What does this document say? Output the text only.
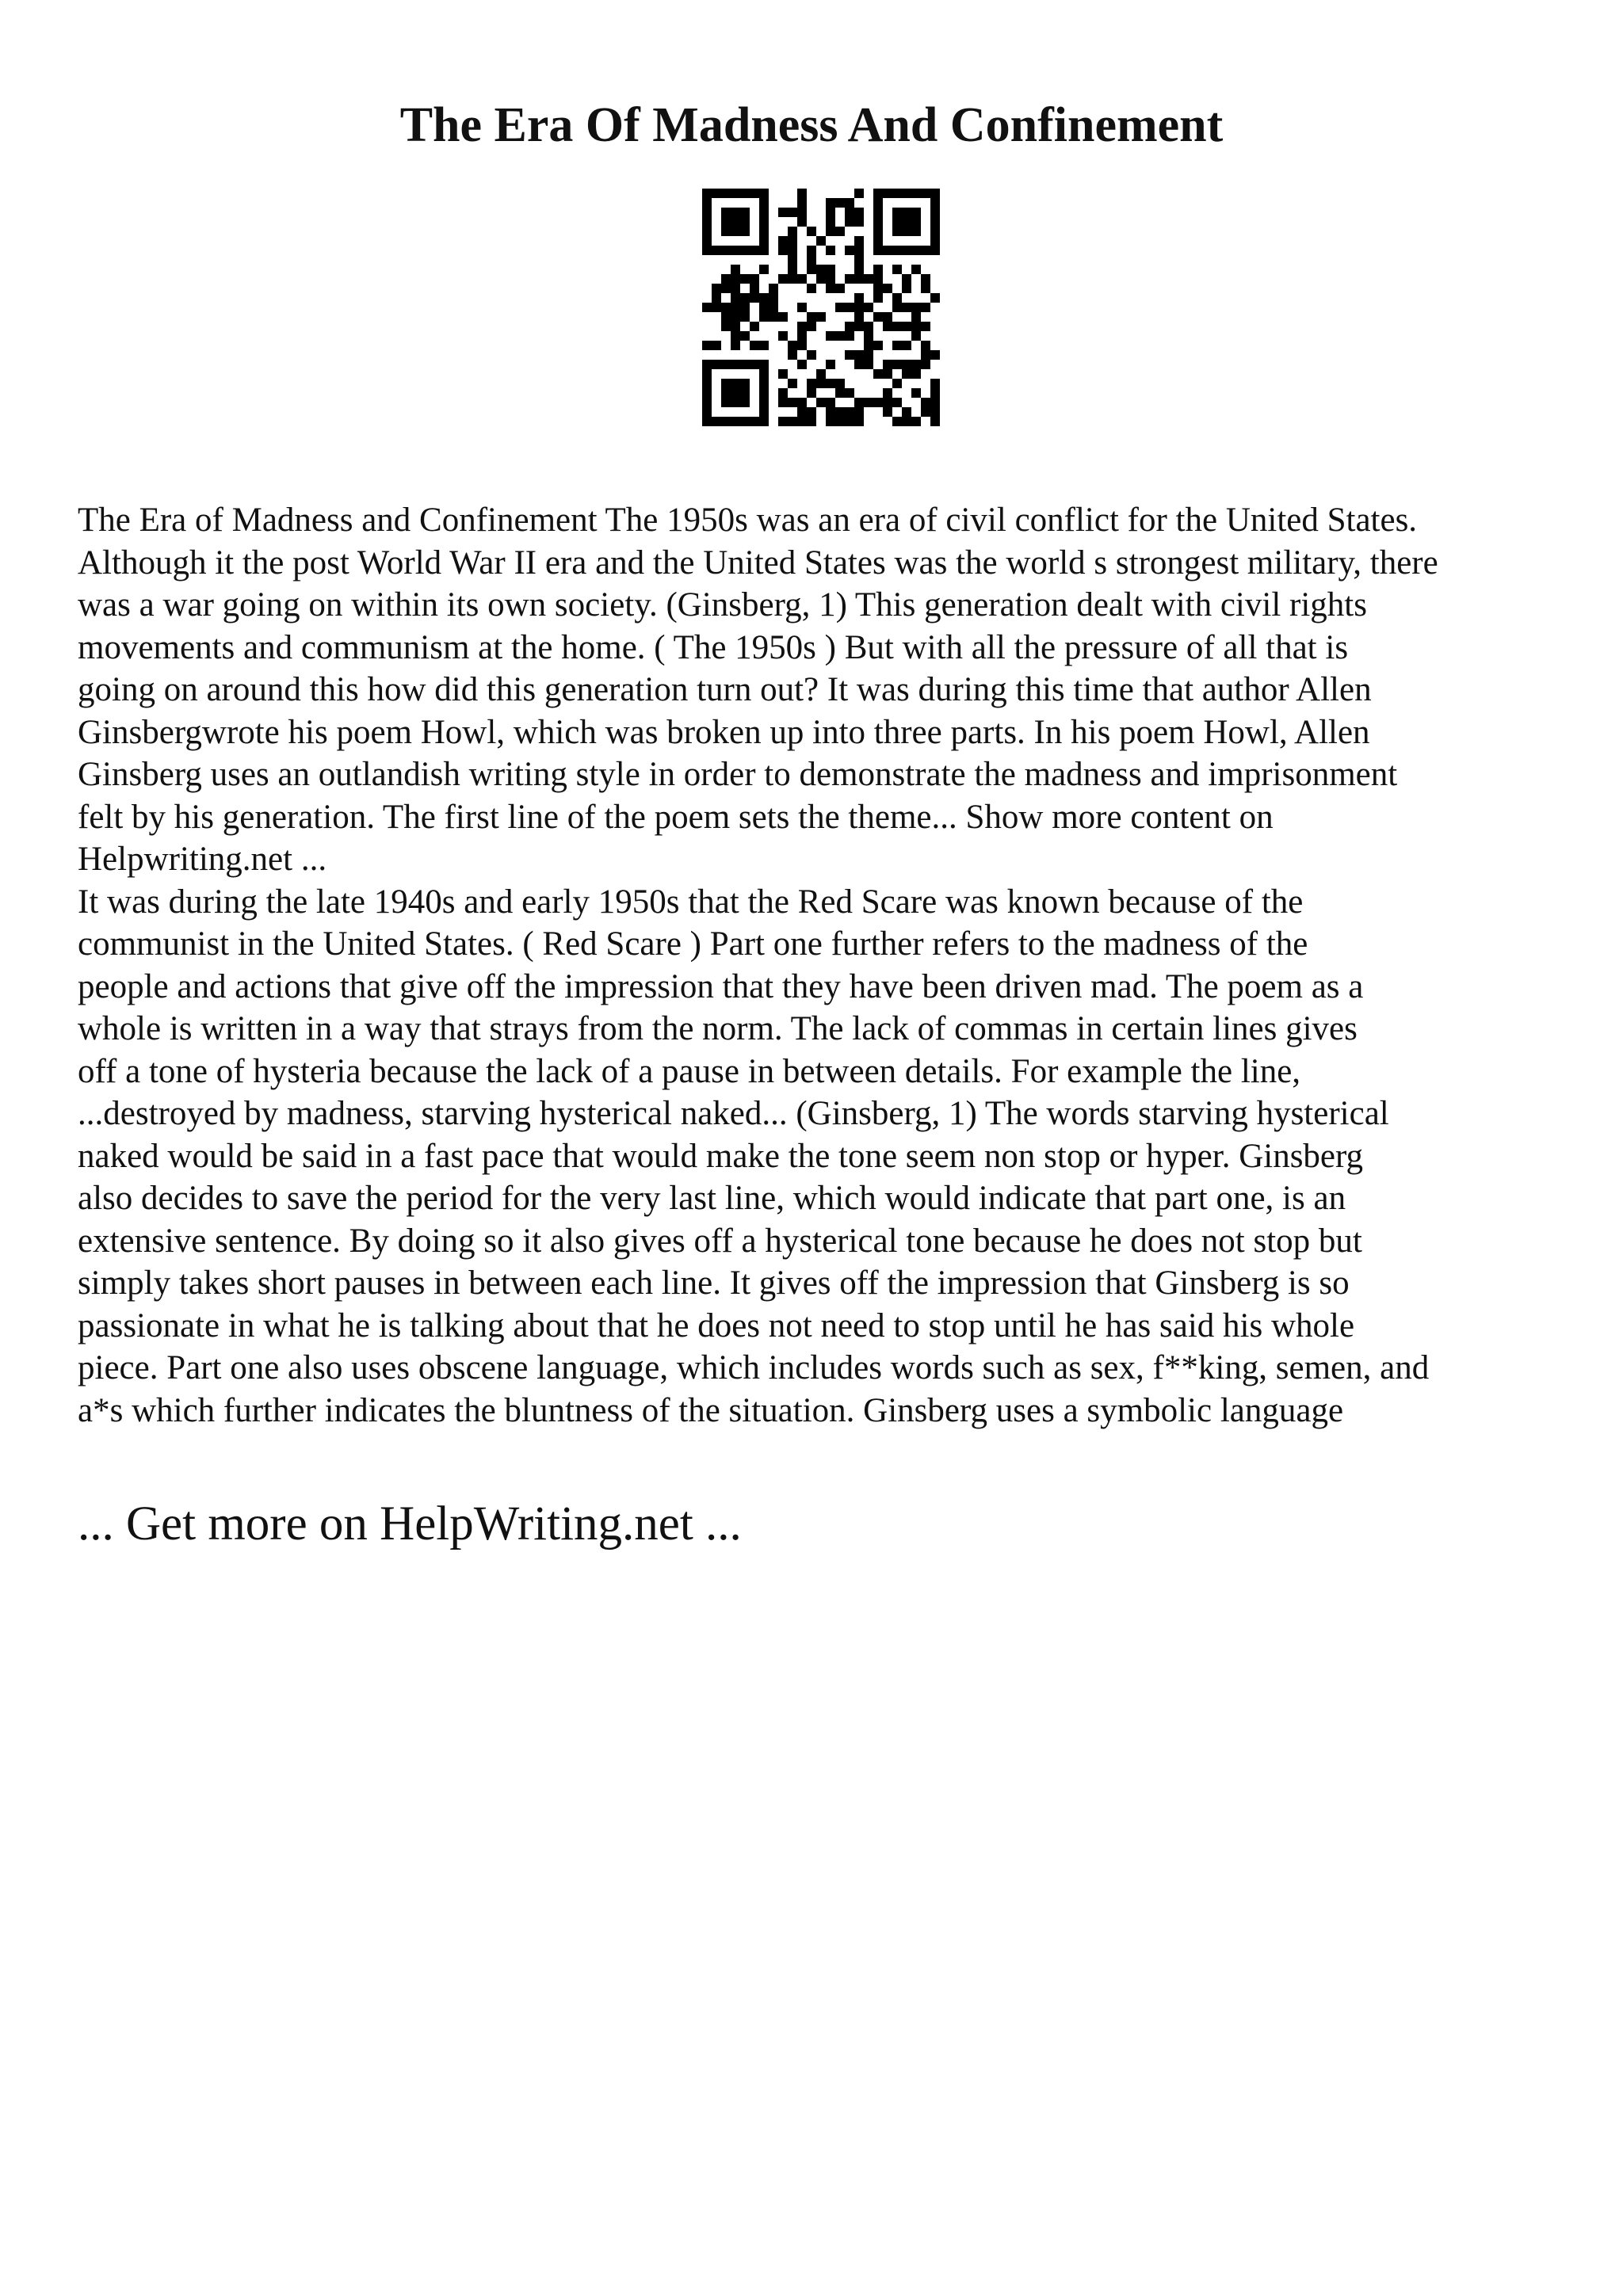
The Era Of Madness And Confinement
The Era of Madness and Confinement The 1950s was an era of civil conflict for the United States.
Although it the post World War II era and the United States was the world s strongest military, there
was a war going on within its own society. (Ginsberg, 1) This generation dealt with civil rights
movements and communism at the home. ( The 1950s ) But with all the pressure of all that is
going on around this how did this generation turn out? It was during this time that author Allen
Ginsbergwrote his poem Howl, which was broken up into three parts. In his poem Howl, Allen
Ginsberg uses an outlandish writing style in order to demonstrate the madness and imprisonment
felt by his generation. The first line of the poem sets the theme... Show more content on
Helpwriting.net ...
It was during the late 1940s and early 1950s that the Red Scare was known because of the
communist in the United States. ( Red Scare ) Part one further refers to the madness of the
people and actions that give off the impression that they have been driven mad. The poem as a
whole is written in a way that strays from the norm. The lack of commas in certain lines gives
off a tone of hysteria because the lack of a pause in between details. For example the line,
...destroyed by madness, starving hysterical naked... (Ginsberg, 1) The words starving hysterical
naked would be said in a fast pace that would make the tone seem non stop or hyper. Ginsberg
also decides to save the period for the very last line, which would indicate that part one, is an
extensive sentence. By doing so it also gives off a hysterical tone because he does not stop but
simply takes short pauses in between each line. It gives off the impression that Ginsberg is so
passionate in what he is talking about that he does not need to stop until he has said his whole
piece. Part one also uses obscene language, which includes words such as sex, f**king, semen, and
a*s which further indicates the bluntness of the situation. Ginsberg uses a symbolic language

... Get more on HelpWriting.net ...
